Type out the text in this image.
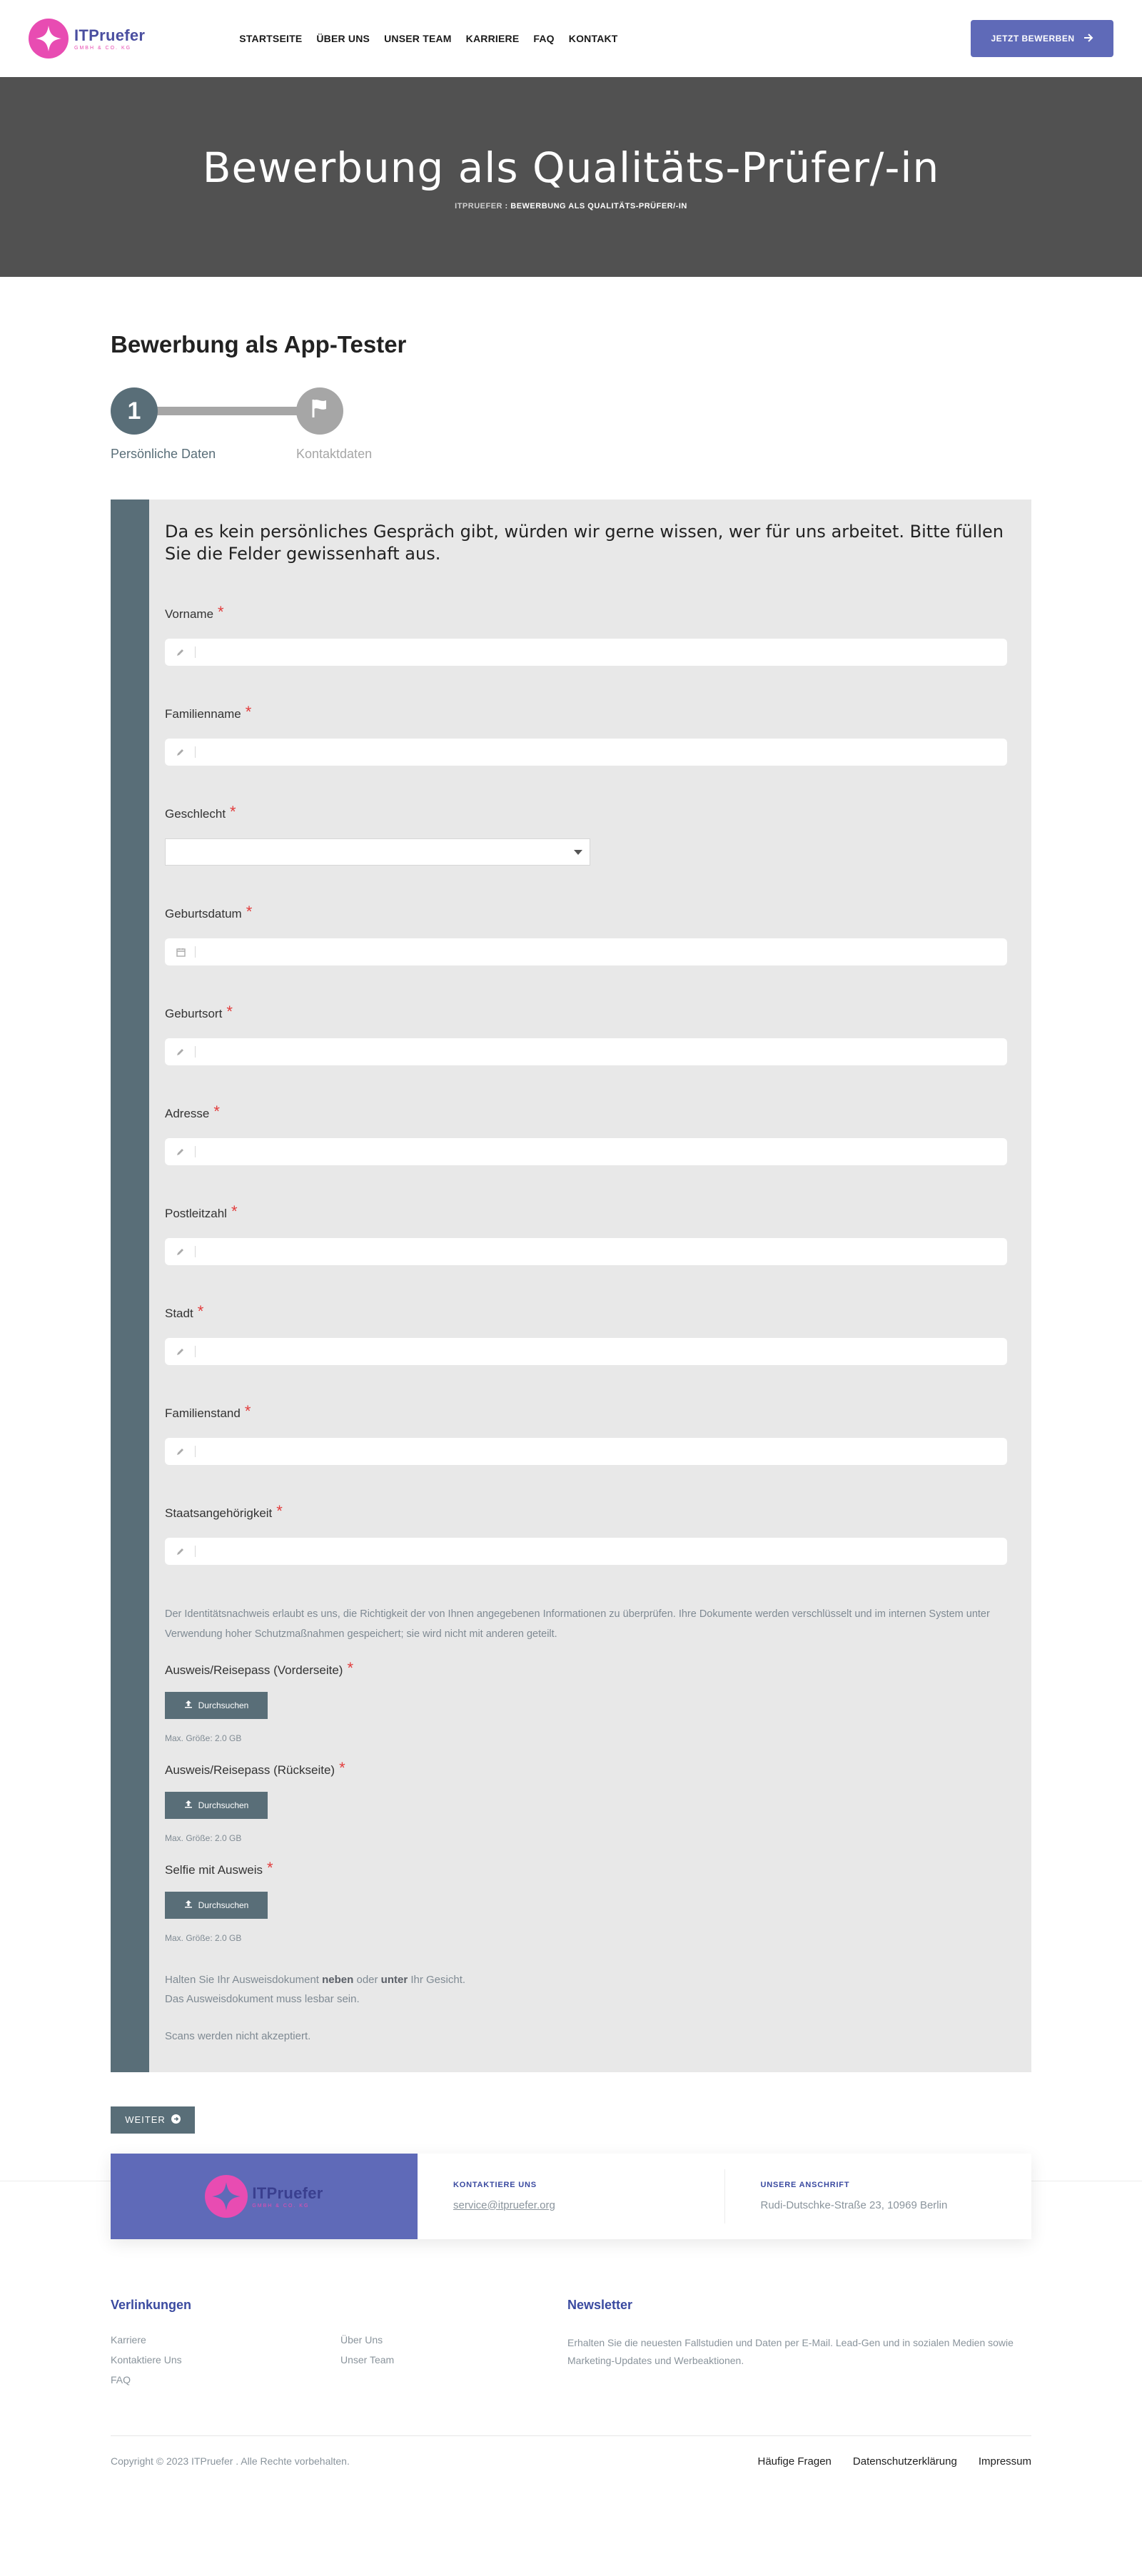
ITPruefer
GMBH & CO. KG
STARTSEITE ÜBER UNS UNSER TEAM KARRIERE FAQ KONTAKT	JETZT BEWERBEN
Bewerbung als Qualitäts-Prüfer/-in
ITPRUEFER : BEWERBUNG ALS QUALITÄTS-PRÜFER/-IN
Bewerbung als App-Tester
1
Persönliche Daten	Kontaktdaten

Da es kein persönliches Gespräch gibt, würden wir gerne wissen, wer für uns arbeitet. Bitte füllen Sie die Felder gewissenhaft aus.

Vorname *
Familienname *
Geschlecht *
Geburtsdatum *
Geburtsort *
Adresse *
Postleitzahl *
Stadt *
Familienstand *
Staatsangehörigkeit *

Der Identitätsnachweis erlaubt es uns, die Richtigkeit der von Ihnen angegebenen Informationen zu überprüfen. Ihre Dokumente werden verschlüsselt und im internen System unter Verwendung hoher Schutzmaßnahmen gespeichert; sie wird nicht mit anderen geteilt.

Ausweis/Reisepass (Vorderseite) *
Durchsuchen
Max. Größe: 2.0 GB
Ausweis/Reisepass (Rückseite) *
Durchsuchen
Max. Größe: 2.0 GB
Selfie mit Ausweis *
Durchsuchen
Max. Größe: 2.0 GB

Halten Sie Ihr Ausweisdokument neben oder unter Ihr Gesicht.

Das Ausweisdokument muss lesbar sein.

Scans werden nicht akzeptiert.

WEITER
ITPruefer
GMBH & CO. KG
KONTAKTIERE UNS
service@itpruefer.org
UNSERE ANSCHRIFT
Rudi-Dutschke-Straße 23, 10969 Berlin
Verlinkungen
Karriere	Über Uns
Kontaktiere Uns	Unser Team
FAQ
Newsletter

Erhalten Sie die neuesten Fallstudien und Daten per E-Mail. Lead-Gen und in sozialen Medien sowie Marketing-Updates und Werbeaktionen.

Copyright © 2023 ITPruefer . Alle Rechte vorbehalten.	Häufige Fragen Datenschutzerklärung Impressum
